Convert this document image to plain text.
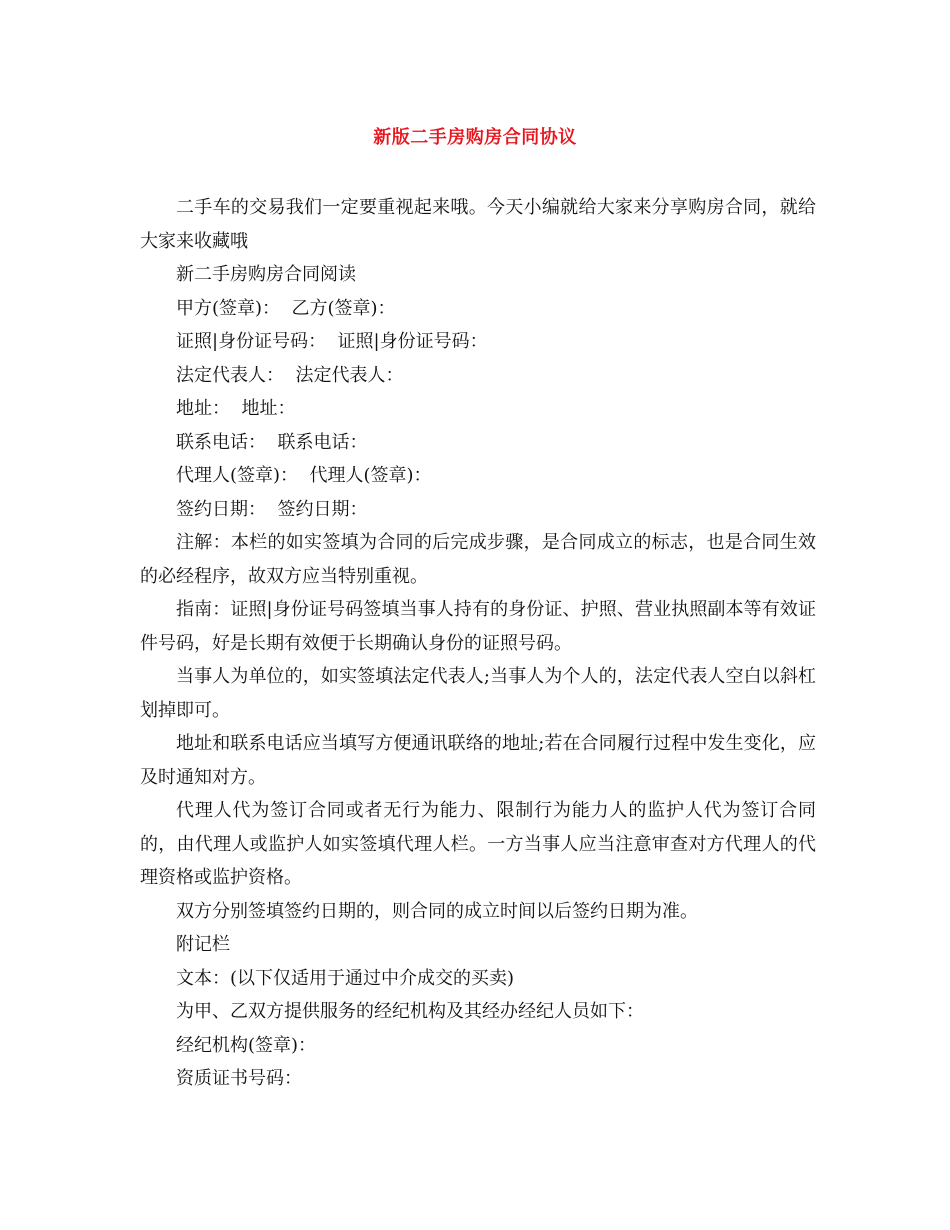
新版二手房购房合同协议

二手车的交易我们一定要重视起来哦。今天小编就给大家来分享购房合同，就给大家来收藏哦

新二手房购房合同阅读

甲方(签章)：  乙方(签章)：

证照|身份证号码：  证照|身份证号码：

法定代表人：  法定代表人：

地址：  地址：

联系电话：  联系电话：

代理人(签章)：  代理人(签章)：

签约日期：  签约日期：

注解：本栏的如实签填为合同的后完成步骤，是合同成立的标志，也是合同生效的必经程序，故双方应当特别重视。

指南：证照|身份证号码签填当事人持有的身份证、护照、营业执照副本等有效证件号码，好是长期有效便于长期确认身份的证照号码。

当事人为单位的，如实签填法定代表人;当事人为个人的，法定代表人空白以斜杠划掉即可。

地址和联系电话应当填写方便通讯联络的地址;若在合同履行过程中发生变化，应及时通知对方。

代理人代为签订合同或者无行为能力、限制行为能力人的监护人代为签订合同的，由代理人或监护人如实签填代理人栏。一方当事人应当注意审查对方代理人的代理资格或监护资格。

双方分别签填签约日期的，则合同的成立时间以后签约日期为准。

附记栏

文本：(以下仅适用于通过中介成交的买卖)

为甲、乙双方提供服务的经纪机构及其经办经纪人员如下：

经纪机构(签章)：

资质证书号码：
